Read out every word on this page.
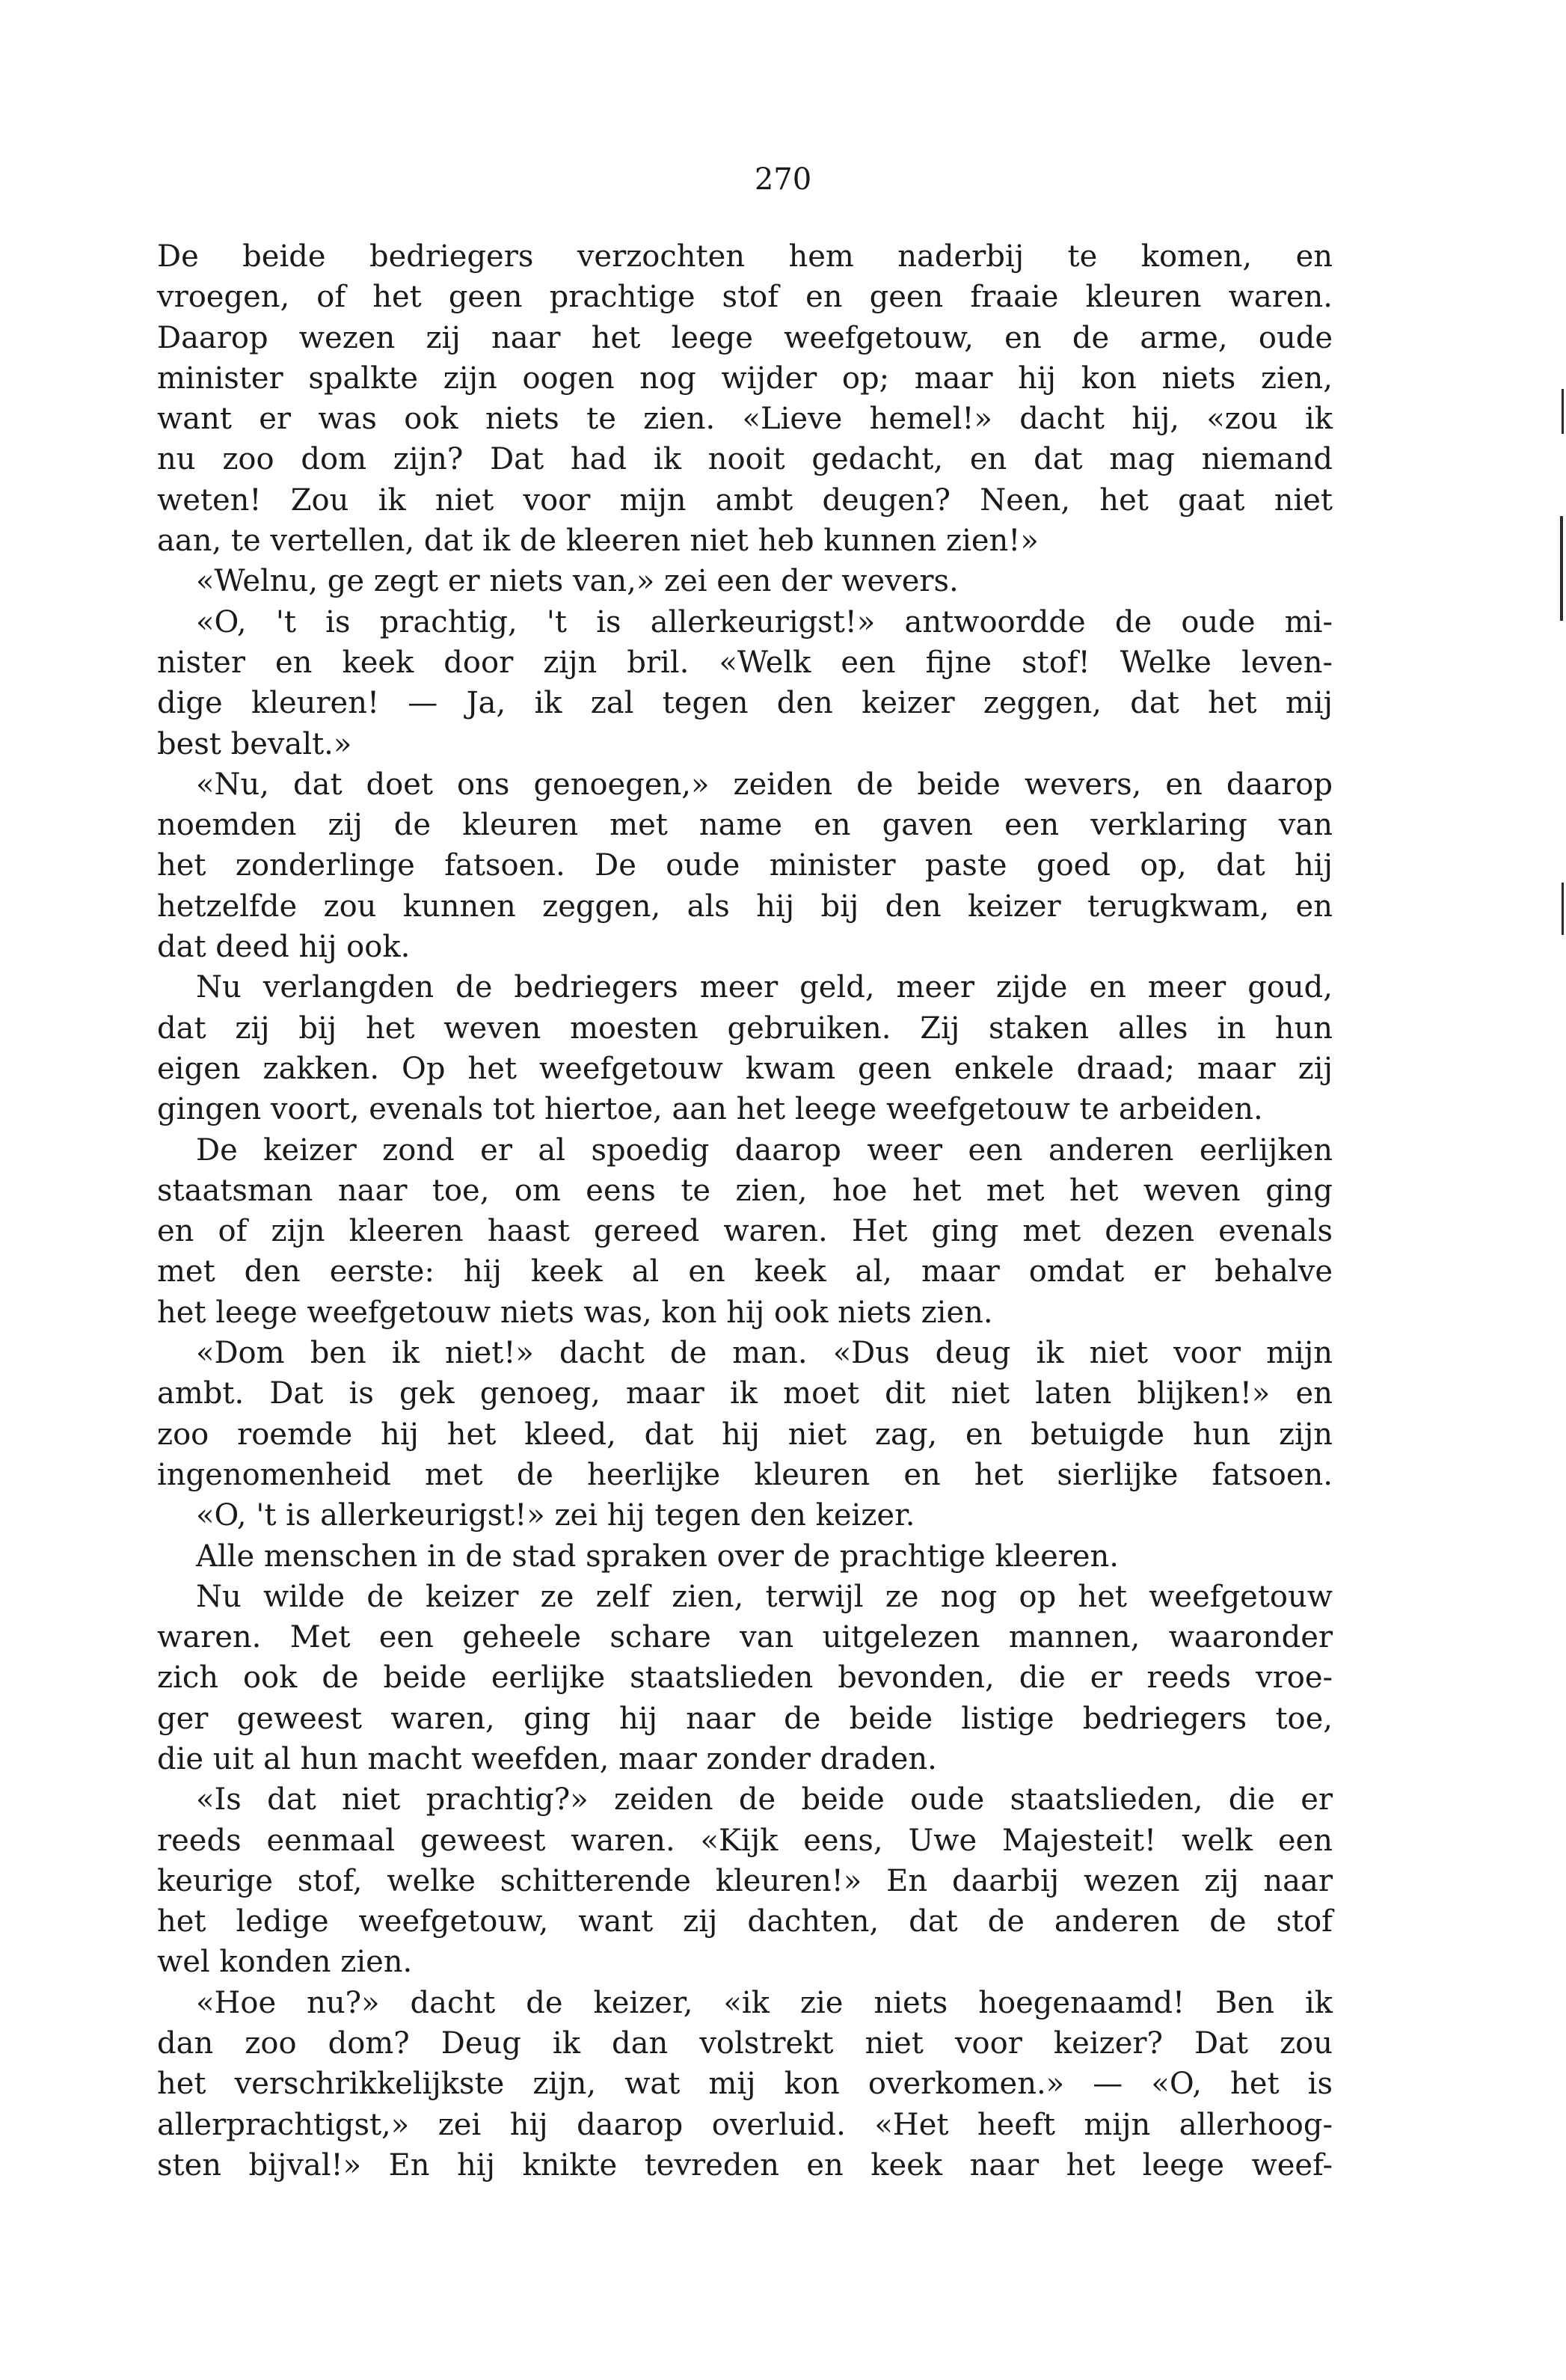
270
De beide bedriegers verzochten hem naderbij te komen, en
vroegen, of het geen prachtige stof en geen fraaie kleuren waren.
Daarop wezen zij naar het leege weefgetouw, en de arme, oude
minister spalkte zijn oogen nog wijder op; maar hij kon niets zien,
want er was ook niets te zien. «Lieve hemel!» dacht hij, «zou ik
nu zoo dom zijn? Dat had ik nooit gedacht, en dat mag niemand
weten! Zou ik niet voor mijn ambt deugen? Neen, het gaat niet
aan, te vertellen, dat ik de kleeren niet heb kunnen zien!»
«Welnu, ge zegt er niets van,» zei een der wevers.
«O, 't is prachtig, 't is allerkeurigst!» antwoordde de oude mi-
nister en keek door zijn bril. «Welk een fijne stof! Welke leven-
dige kleuren! — Ja, ik zal tegen den keizer zeggen, dat het mij
best bevalt.»
«Nu, dat doet ons genoegen,» zeiden de beide wevers, en daarop
noemden zij de kleuren met name en gaven een verklaring van
het zonderlinge fatsoen. De oude minister paste goed op, dat hij
hetzelfde zou kunnen zeggen, als hij bij den keizer terugkwam, en
dat deed hij ook.
Nu verlangden de bedriegers meer geld, meer zijde en meer goud,
dat zij bij het weven moesten gebruiken. Zij staken alles in hun
eigen zakken. Op het weefgetouw kwam geen enkele draad; maar zij
gingen voort, evenals tot hiertoe, aan het leege weefgetouw te arbeiden.
De keizer zond er al spoedig daarop weer een anderen eerlijken
staatsman naar toe, om eens te zien, hoe het met het weven ging
en of zijn kleeren haast gereed waren. Het ging met dezen evenals
met den eerste: hij keek al en keek al, maar omdat er behalve
het leege weefgetouw niets was, kon hij ook niets zien.
«Dom ben ik niet!» dacht de man. «Dus deug ik niet voor mijn
ambt. Dat is gek genoeg, maar ik moet dit niet laten blijken!» en
zoo roemde hij het kleed, dat hij niet zag, en betuigde hun zijn
ingenomenheid met de heerlijke kleuren en het sierlijke fatsoen.
«O, 't is allerkeurigst!» zei hij tegen den keizer.
Alle menschen in de stad spraken over de prachtige kleeren.
Nu wilde de keizer ze zelf zien, terwijl ze nog op het weefgetouw
waren. Met een geheele schare van uitgelezen mannen, waaronder
zich ook de beide eerlijke staatslieden bevonden, die er reeds vroe-
ger geweest waren, ging hij naar de beide listige bedriegers toe,
die uit al hun macht weefden, maar zonder draden.
«Is dat niet prachtig?» zeiden de beide oude staatslieden, die er
reeds eenmaal geweest waren. «Kijk eens, Uwe Majesteit! welk een
keurige stof, welke schitterende kleuren!» En daarbij wezen zij naar
het ledige weefgetouw, want zij dachten, dat de anderen de stof
wel konden zien.
«Hoe nu?» dacht de keizer, «ik zie niets hoegenaamd! Ben ik
dan zoo dom? Deug ik dan volstrekt niet voor keizer? Dat zou
het verschrikkelijkste zijn, wat mij kon overkomen.» — «O, het is
allerprachtigst,» zei hij daarop overluid. «Het heeft mijn allerhoog-
sten bijval!» En hij knikte tevreden en keek naar het leege weef-
